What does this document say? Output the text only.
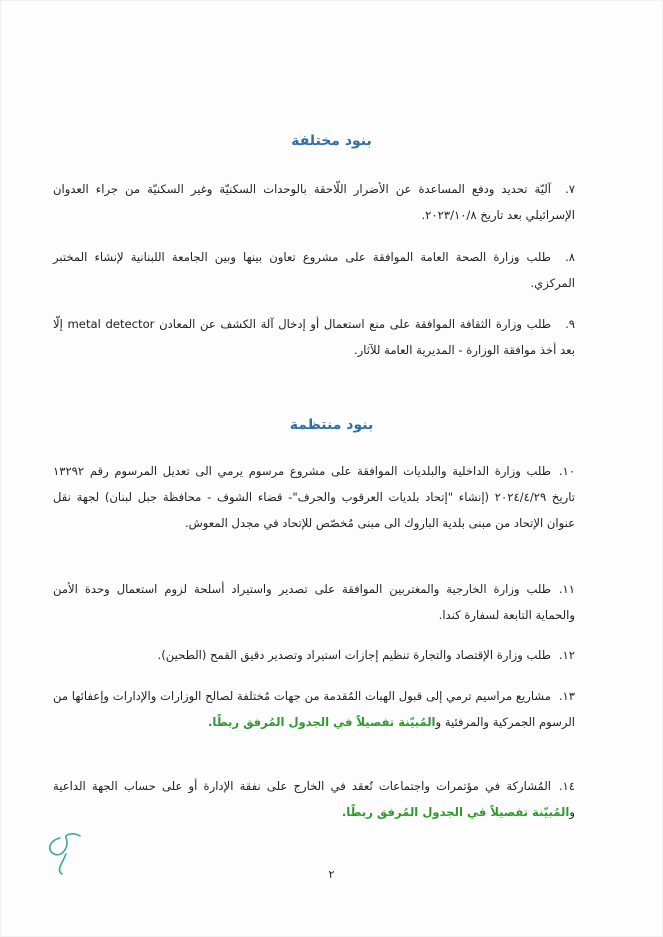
بنود مختلفة
٧.آليّة تحديد ودفع المساعدة عن الأضرار اللّاحقة بالوحدات السكنيّة وغير السكنيّة من جراء العدوان الإسرائيلي بعد تاريخ ٢٠٢٣/١٠/٨.
٨.طلب وزارة الصحة العامة الموافقة على مشروع تعاون بينها وبين الجامعة اللبنانية لإنشاء المختبر المركزي.
٩.طلب وزارة الثقافة الموافقة على منع استعمال أو إدخال آلة الكشف عن المعادن metal detector إلّا بعد أخذ موافقة الوزارة - المديرية العامة للآثار.
بنود منتظمة
١٠.طلب وزارة الداخلية والبلديات الموافقة على مشروع مرسوم يرمي الى تعديل المرسوم رقم ١٣٢٩٢ تاريخ ٢٠٢٤/٤/٢٩ (إنشاء "إتحاد بلديات العرقوب والحرف"- قضاء الشوف - محافظة جبل لبنان) لجهة نقل عنوان الإتحاد من مبنى بلدية الباروك الى مبنى مُخصّص للإتحاد في مجدل المعوش.
١١.طلب وزارة الخارجية والمغتربين الموافقة على تصدير واستيراد أسلحة لزوم استعمال وحدة الأمن والحماية التابعة لسفارة كندا.
١٢.طلب وزارة الإقتصاد والتجارة تنظيم إجازات استيراد وتصدير دقيق القمح (الطحين).
١٣.مشاريع مراسيم ترمي إلى قبول الهبات المُقدمة من جهات مُختلفة لصالح الوزارات والإدارات وإعفائها من الرسوم الجمركية والمرفئية والمُبيّنة تفصيلاً في الجدول المُرفق ربطًا.
١٤.المُشاركة في مؤتمرات واجتماعات تُعقد في الخارج على نفقة الإدارة أو على حساب الجهة الداعية والمُبيّنة تفصيلاً في الجدول المُرفق ربطًا.
٢
